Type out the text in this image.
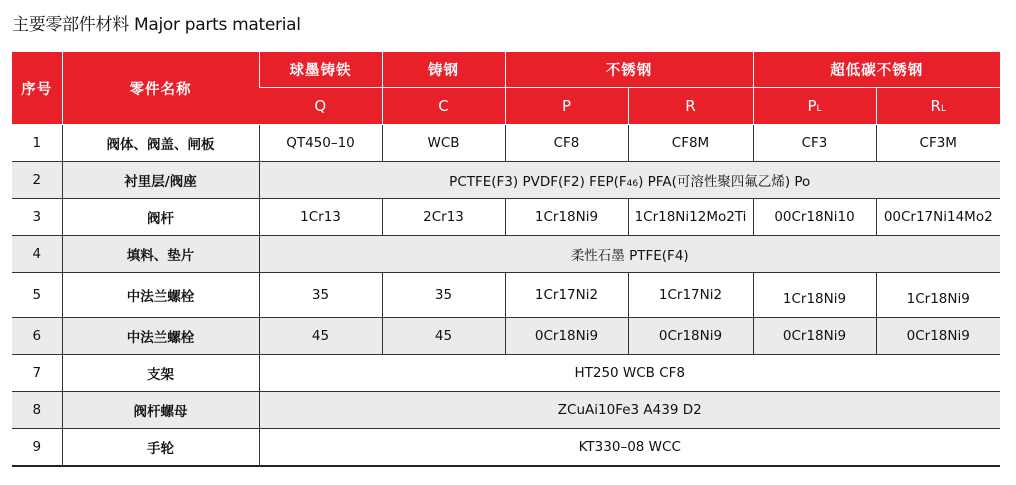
主要零部件材料 Major parts material
序号	零件名称	球墨铸铁	铸钢	不锈钢		超低碳不锈钢	
		Q	C	P	R	PL	RL
1	阀体、阀盖、闸板	QT450–10	WCB	CF8	CF8M	CF3	CF3M
2	衬里层/阀座	PCTFE(F3) PVDF(F2) FEP(F46) PFA(可溶性聚四氟乙烯) Po					
3	阀杆	1Cr13	2Cr13	1Cr18Ni9	1Cr18Ni12Mo2Ti	00Cr18Ni10	00Cr17Ni14Mo2
4	填料、垫片	柔性石墨 PTFE(F4)					
5	中法兰螺栓	35	35	1Cr17Ni2	1Cr17Ni2	1Cr18Ni9	1Cr18Ni9
6	中法兰螺栓	45	45	0Cr18Ni9	0Cr18Ni9	0Cr18Ni9	0Cr18Ni9
7	支架	HT250 WCB CF8					
8	阀杆螺母	ZCuAi10Fe3 A439 D2					
9	手轮	KT330–08 WCC					
